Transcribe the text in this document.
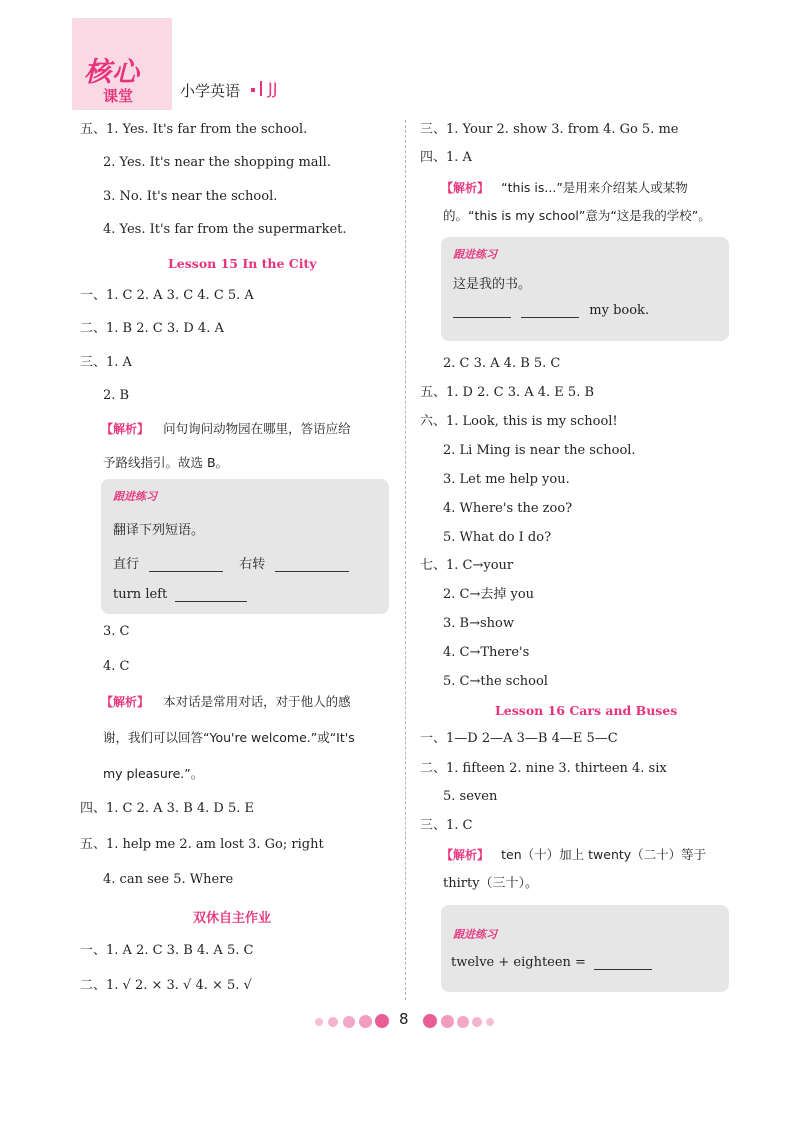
核心
课堂	小学英语 JJ
五、1. Yes. It's far from the school.
2. Yes. It's near the shopping mall.
3. No. It's near the school.
4. Yes. It's far from the supermarket.
Lesson 15 In the City
一、1. C 2. A 3. C 4. C 5. A
二、1. B 2. C 3. D 4. A
三、1. A
2. B
【解析】 问句询问动物园在哪里，答语应给
予路线指引。故选 B。
跟进练习
翻译下列短语。
直行	右转
turn left
3. C
4. C
【解析】 本对话是常用对话，对于他人的感
谢，我们可以回答“You're welcome.”或“It's
my pleasure.”。
四、1. C 2. A 3. B 4. D 5. E
五、1. help me 2. am lost 3. Go; right
4. can see 5. Where
双休自主作业
一、1. A 2. C 3. B 4. A 5. C
二、1. √ 2. × 3. √ 4. × 5. √
三、1. Your 2. show 3. from 4. Go 5. me
四、1. A
【解析】 “this is...”是用来介绍某人或某物
的。“this is my school”意为“这是我的学校”。
跟进练习
这是我的书。
my book.
2. C 3. A 4. B 5. C
五、1. D 2. C 3. A 4. E 5. B
六、1. Look, this is my school!
2. Li Ming is near the school.
3. Let me help you.
4. Where's the zoo?
5. What do I do?
七、1. C→your
2. C→去掉 you
3. B→show
4. C→There's
5. C→the school
Lesson 16 Cars and Buses
一、1—D 2—A 3—B 4—E 5—C
二、1. fifteen 2. nine 3. thirteen 4. six
5. seven
三、1. C
【解析】 ten（十）加上 twenty（二十）等于
thirty（三十）。
跟进练习
twelve + eighteen =
8
